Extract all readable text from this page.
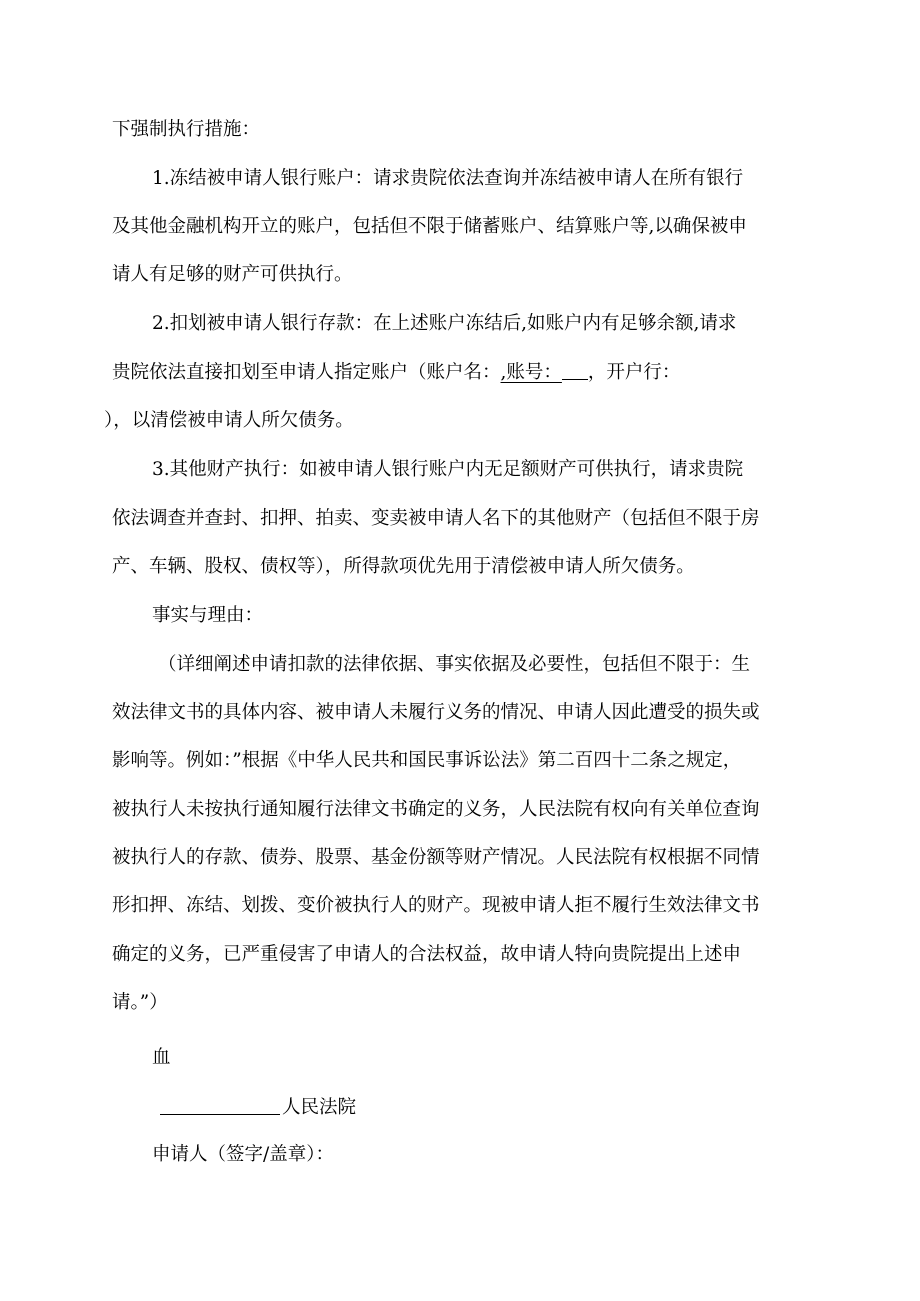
下强制执行措施：
1.冻结被申请人银行账户：请求贵院依法查询并冻结被申请人在所有银行
及其他金融机构开立的账户，包括但不限于储蓄账户、结算账户等,以确保被申
请人有足够的财产可供执行。
2.扣划被申请人银行存款：在上述账户冻结后,如账户内有足够余额,请求
贵院依法直接扣划至申请人指定账户（账户名：,账号： ，开户行：
），以清偿被申请人所欠债务。
3.其他财产执行：如被申请人银行账户内无足额财产可供执行，请求贵院
依法调查并查封、扣押、拍卖、变卖被申请人名下的其他财产（包括但不限于房
产、车辆、股权、债权等），所得款项优先用于清偿被申请人所欠债务。
事实与理由：
（详细阐述申请扣款的法律依据、事实依据及必要性，包括但不限于：生
效法律文书的具体内容、被申请人未履行义务的情况、申请人因此遭受的损失或
影响等。例如：”根据《中华人民共和国民事诉讼法》第二百四十二条之规定，
被执行人未按执行通知履行法律文书确定的义务，人民法院有权向有关单位查询
被执行人的存款、债券、股票、基金份额等财产情况。人民法院有权根据不同情
形扣押、冻结、划拨、变价被执行人的财产。现被申请人拒不履行生效法律文书
确定的义务，已严重侵害了申请人的合法权益，故申请人特向贵院提出上述申
请。”）
血
人民法院
申请人（签字/盖章）：
